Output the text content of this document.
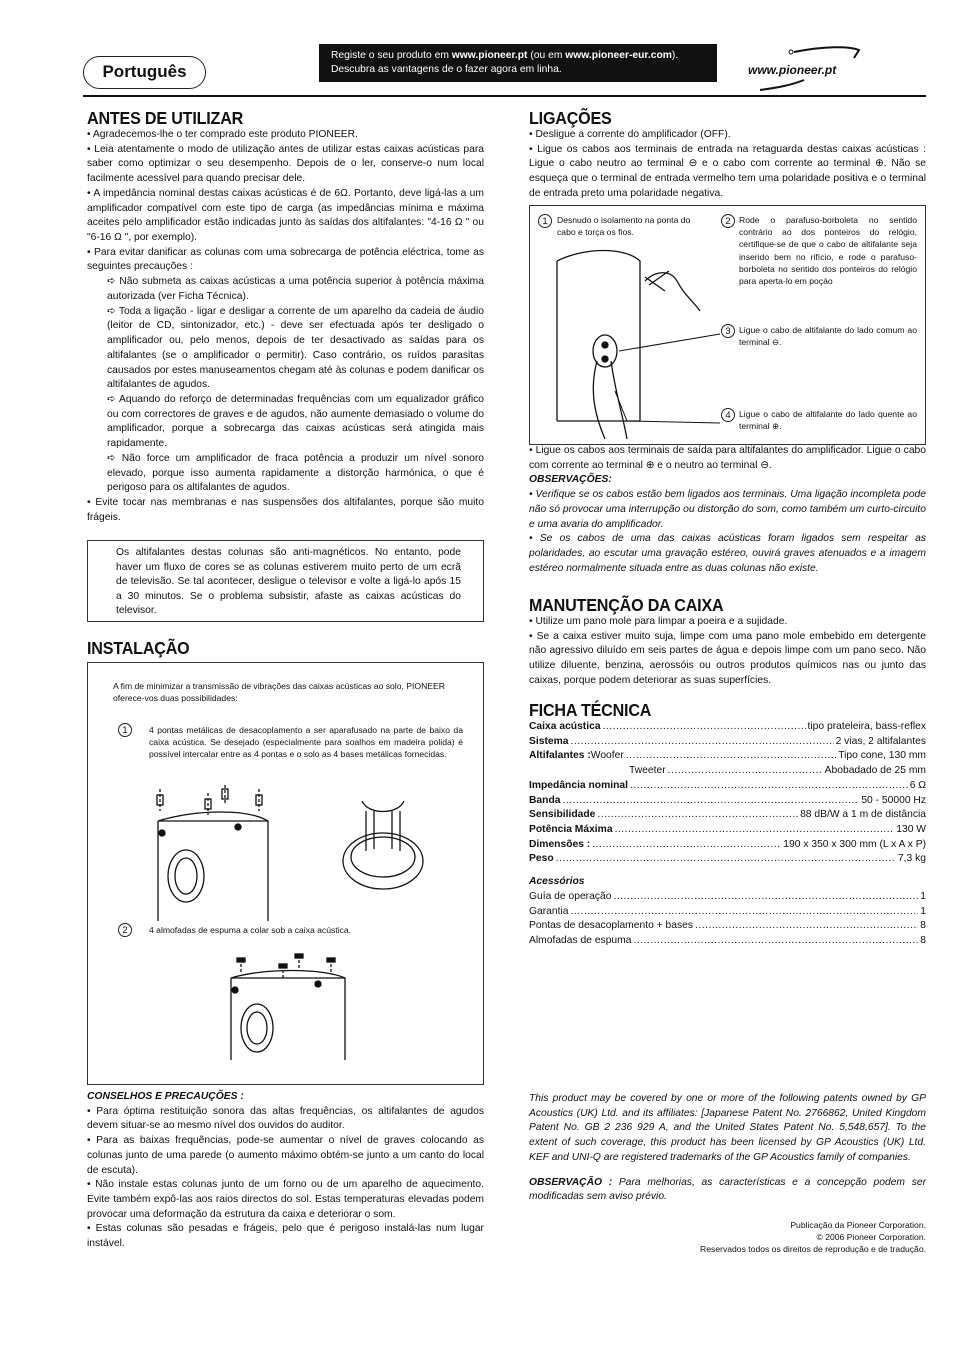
Português
Registe o seu produto em www.pioneer.pt (ou em www.pioneer-eur.com).
Descubra as vantagens de o fazer agora em linha.	www.pioneer.pt
ANTES DE UTILIZAR

• Agradecemos-lhe o ter comprado este produto PIONEER.

• Leia atentamente o modo de utilização antes de utilizar estas caixas acústicas para saber como optimizar o seu desempenho. Depois de o ler, conserve-o num local facilmente acessível para quando precisar dele.

• A impedância nominal destas caixas acústicas é de 6Ω. Portanto, deve ligá-las a um amplificador compatível com este tipo de carga (as impedâncias mínima e máxima aceites pelo amplificador estão indicadas junto às saídas dos altifalantes: "4-16 Ω " ou "6-16 Ω ", por exemplo).

• Para evitar danificar as colunas com uma sobrecarga de potência eléctrica, tome as seguintes precauções :

➪ Não submeta as caixas acústicas a uma potência superior à potência máxima autorizada (ver Ficha Técnica).

➪ Toda a ligação - ligar e desligar a corrente de um aparelho da cadeia de áudio (leitor de CD, sintonizador, etc.) - deve ser efectuada após ter desligado o amplificador ou, pelo menos, depois de ter desactivado as saídas para os altifalantes (se o amplificador o permitir). Caso contrário, os ruídos parasitas causados por estes manuseamentos chegam até às colunas e podem danificar os altifalantes de agudos.

➪ Aquando do reforço de determinadas frequências com um equalizador gráfico ou com correctores de graves e de agudos, não aumente demasiado o volume do amplificador, porque a sobrecarga das caixas acústicas será atingida mais rapidamente.

➪ Não force um amplificador de fraca potência a produzir um nível sonoro elevado, porque isso aumenta rapidamente a distorção harmónica, o que é perigoso para os altifalantes de agudos.

• Evite tocar nas membranas e nas suspensões dos altifalantes, porque são muito frágeis.

Os altifalantes destas colunas são anti-magnéticos. No entanto, pode haver um fluxo de cores se as colunas estiverem muito perto de um ecrã de televisão. Se tal acontecer, desligue o televisor e volte a ligá-lo após 15 a 30 minutos. Se o problema subsistir, afaste as caixas acústicas do televisor.
INSTALAÇÃO
A fim de minimizar a transmissão de vibrações das caixas acústicas ao solo, PIONEER oferece-vos duas possibilidades:
1	4 pontas metálicas de desacoplamento a ser aparafusado na parte de baixo da caixa acústica. Se desejado (especialmente para soalhos em madeira polida) é possível intercalar entre as 4 pontas e o solo as 4 bases metálicas fornecidas.
2	4 almofadas de espuma a colar sob a caixa acústica.

CONSELHOS E PRECAUÇÕES :

• Para óptima restituição sonora das altas frequências, os altifalantes de agudos devem situar-se ao mesmo nível dos ouvidos do auditor.

• Para as baixas frequências, pode-se aumentar o nível de graves colocando as colunas junto de uma parede (o aumento máximo obtém-se junto a um canto do local de escuta).

• Não instale estas colunas junto de um forno ou de um aparelho de aquecimento. Evite também expô-las aos raios directos do sol. Estas temperaturas elevadas podem provocar uma deformação da estrutura da caixa e deteriorar o som.

• Estas colunas são pesadas e frágeis, pelo que é perigoso instalá-las num lugar instável.

LIGAÇÕES

• Desligue a corrente do amplificador (OFF).

• Ligue os cabos aos terminais de entrada na retaguarda destas caixas acústicas : Ligue o cabo neutro ao terminal ⊖ e o cabo com corrente ao terminal ⊕. Não se esqueça que o terminal de entrada vermelho tem uma polaridade positiva e o terminal de entrada preto uma polaridade negativa.

1	Desnudo o isolamento na ponta do cabo e torça os fios.
2 Rode o parafuso-borboleta no sentido contrário ao dos ponteiros do relógio, certifique-se de que o cabo de altifalante seja inserido bem no rifício, e rode o parafuso-borboleta no sentido dos ponteiros do relógio para aperta-lo em poçáo
3 Ligue o cabo de altifalante do lado comum ao terminal ⊖.
4 Ligue o cabo de altifalante do lado quente ao terminal ⊕.

• Ligue os cabos aos terminais de saída para altifalantes do amplificador. Ligue o cabo com corrente ao terminal ⊕ e o neutro ao terminal ⊖.

OBSERVAÇÕES:

• Verifique se os cabos estão bem ligados aos terminais. Uma ligação incompleta pode não só provocar uma interrupção ou distorção do som, como também um curto-circuito e uma avaria do amplificador.

• Se os cabos de uma das caixas acústicas foram ligados sem respeitar as polaridades, ao escutar uma gravação estéreo, ouvirá graves atenuados e a imagem estéreo normalmente situada entre as duas colunas não existe.

MANUTENÇÃO DA CAIXA

• Utilize um pano mole para limpar a poeira e a sujidade.

• Se a caixa estiver muito suja, limpe com uma pano mole embebido em detergente não agressivo diluído em seis partes de água e depois limpe com um pano seco. Não utilize diluente, benzina, aerossóis ou outros produtos químicos nas ou junto das caixas, porque podem deteriorar as suas superfícies.

FICHA TÉCNICA
Caixa acústica .....	tipo prateleira, bass-reflex
Sistema .....	2 vias, 2 altifalantes
Altifalantes : Woofer .....	Tipo cone, 130 mm
Tweeter .....	Abobadado de 25 mm
Impedância nominal .....	6 Ω
Banda .....	50 - 50000 Hz
Sensibilidade .....	88 dB/W a 1 m de distância
Potência Máxima .....	130 W
Dimensões : .....	190 x 350 x 300 mm (L x A x P)
Peso .....	7,3 kg

Acessórios

Guía de operação .....	1
Garantia .....	1
Pontas de desacoplamento + bases .....	8
Almofadas de espuma .....	8

This product may be covered by one or more of the following patents owned by GP Acoustics (UK) Ltd. and its affiliates: [Japanese Patent No. 2766862, United Kingdom Patent No. GB 2 236 929 A, and the United States Patent No. 5,548,657]. To the extent of such coverage, this product has been licensed by GP Acoustics (UK) Ltd. KEF and UNI-Q are registered trademarks of the GP Acoustics family of companies.

OBSERVAÇÃO : Para melhorias, as características e a concepção podem ser modificadas sem aviso prévio.

Publicação da Pioneer Corporation.
© 2006 Pioneer Corporation.
Reservados todos os direitos de reprodução e de tradução.
